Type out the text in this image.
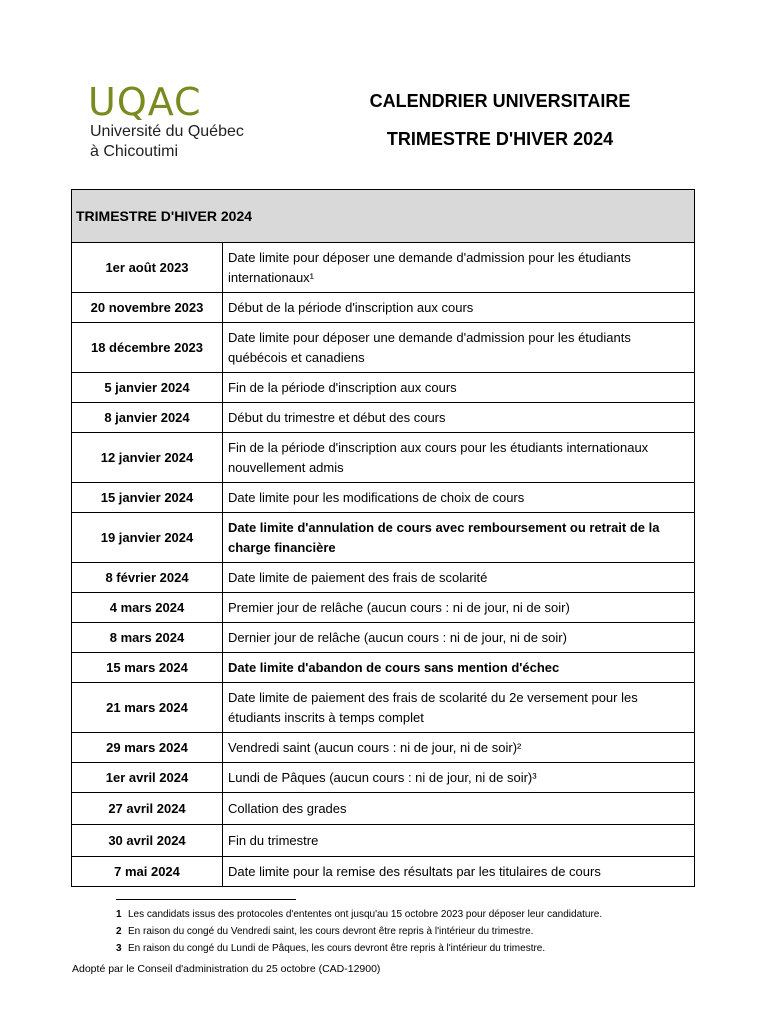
UQAC
Université du Québec
à Chicoutimi
CALENDRIER UNIVERSITAIRE
TRIMESTRE D'HIVER 2024
TRIMESTRE D'HIVER 2024	
1er août 2023	Date limite pour déposer une demande d'admission pour les étudiants internationaux¹
20 novembre 2023	Début de la période d'inscription aux cours
18 décembre 2023	Date limite pour déposer une demande d'admission pour les étudiants québécois et canadiens
5 janvier 2024	Fin de la période d'inscription aux cours
8 janvier 2024	Début du trimestre et début des cours
12 janvier 2024	Fin de la période d'inscription aux cours pour les étudiants internationaux nouvellement admis
15 janvier 2024	Date limite pour les modifications de choix de cours
19 janvier 2024	Date limite d'annulation de cours avec remboursement ou retrait de la charge financière
8 février 2024	Date limite de paiement des frais de scolarité
4 mars 2024	Premier jour de relâche (aucun cours : ni de jour, ni de soir)
8 mars 2024	Dernier jour de relâche (aucun cours : ni de jour, ni de soir)
15 mars 2024	Date limite d'abandon de cours sans mention d'échec
21 mars 2024	Date limite de paiement des frais de scolarité du 2e versement pour les étudiants inscrits à temps complet
29 mars 2024	Vendredi saint (aucun cours : ni de jour, ni de soir)²
1er avril 2024	Lundi de Pâques (aucun cours : ni de jour, ni de soir)³
27 avril 2024	Collation des grades
30 avril 2024	Fin du trimestre
7 mai 2024	Date limite pour la remise des résultats par les titulaires de cours
1 Les candidats issus des protocoles d'ententes ont jusqu'au 15 octobre 2023 pour déposer leur candidature.
2 En raison du congé du Vendredi saint, les cours devront être repris à l'intérieur du trimestre.
3 En raison du congé du Lundi de Pâques, les cours devront être repris à l'intérieur du trimestre.
Adopté par le Conseil d'administration du 25 octobre (CAD-12900)
